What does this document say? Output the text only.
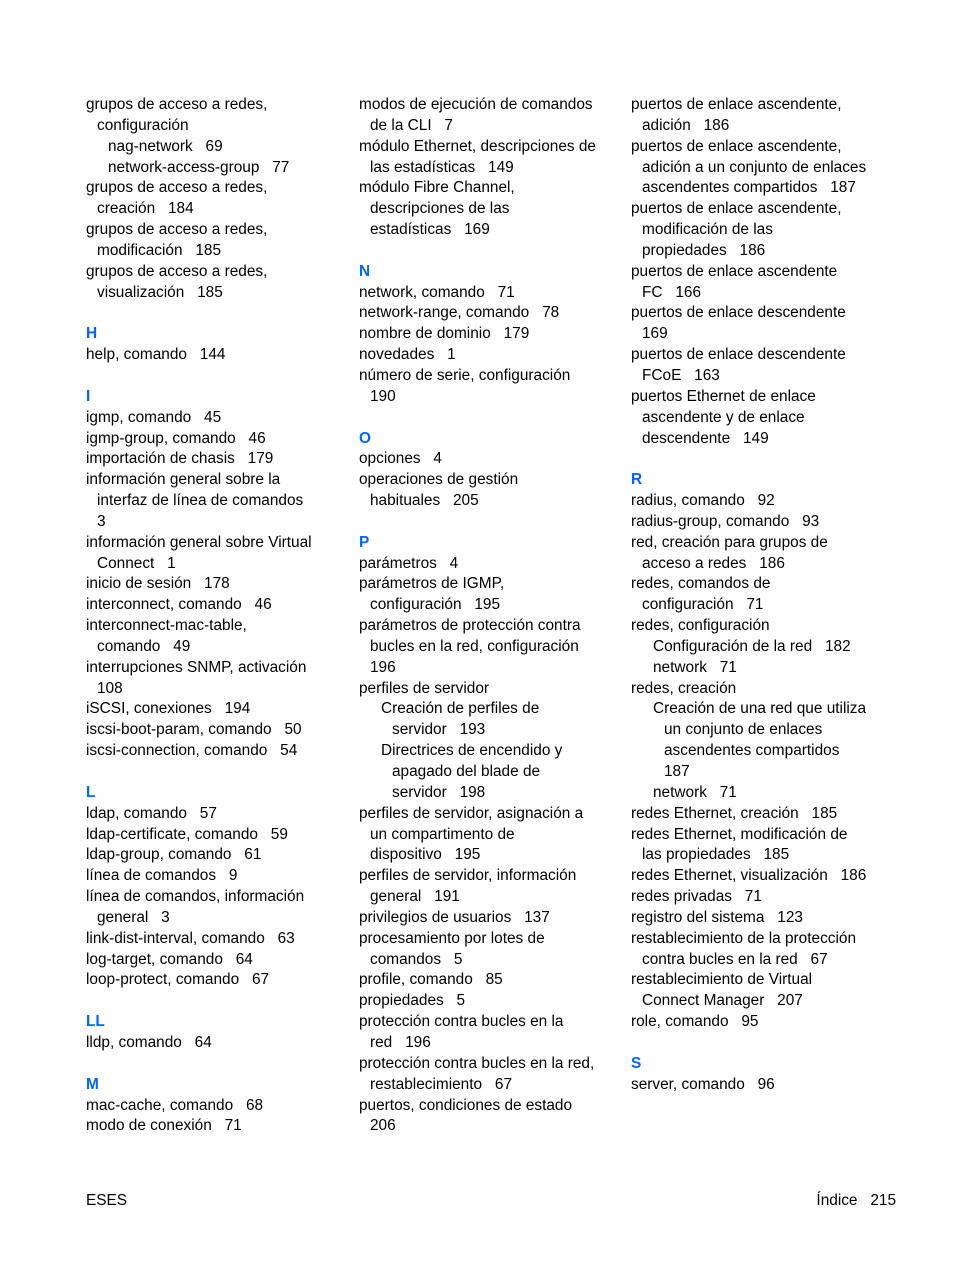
grupos de acceso a redes,
configuración
nag-network   69
network-access-group   77
grupos de acceso a redes,
creación   184
grupos de acceso a redes,
modificación   185
grupos de acceso a redes,
visualización   185
H
help, comando   144
I
igmp, comando   45
igmp-group, comando   46
importación de chasis   179
información general sobre la
interfaz de línea de comandos
3
información general sobre Virtual
Connect   1
inicio de sesión   178
interconnect, comando   46
interconnect-mac-table,
comando   49
interrupciones SNMP, activación
108
iSCSI, conexiones   194
iscsi-boot-param, comando   50
iscsi-connection, comando   54
L
ldap, comando   57
ldap-certificate, comando   59
ldap-group, comando   61
línea de comandos   9
línea de comandos, información
general   3
link-dist-interval, comando   63
log-target, comando   64
loop-protect, comando   67
LL
lldp, comando   64
M
mac-cache, comando   68
modo de conexión   71
modos de ejecución de comandos
de la CLI   7
módulo Ethernet, descripciones de
las estadísticas   149
módulo Fibre Channel,
descripciones de las
estadísticas   169
N
network, comando   71
network-range, comando   78
nombre de dominio   179
novedades   1
número de serie, configuración
190
O
opciones   4
operaciones de gestión
habituales   205
P
parámetros   4
parámetros de IGMP,
configuración   195
parámetros de protección contra
bucles en la red, configuración
196
perfiles de servidor
Creación de perfiles de
servidor   193
Directrices de encendido y
apagado del blade de
servidor   198
perfiles de servidor, asignación a
un compartimento de
dispositivo   195
perfiles de servidor, información
general   191
privilegios de usuarios   137
procesamiento por lotes de
comandos   5
profile, comando   85
propiedades   5
protección contra bucles en la
red   196
protección contra bucles en la red,
restablecimiento   67
puertos, condiciones de estado
206
puertos de enlace ascendente,
adición   186
puertos de enlace ascendente,
adición a un conjunto de enlaces
ascendentes compartidos   187
puertos de enlace ascendente,
modificación de las
propiedades   186
puertos de enlace ascendente
FC   166
puertos de enlace descendente
169
puertos de enlace descendente
FCoE   163
puertos Ethernet de enlace
ascendente y de enlace
descendente   149
R
radius, comando   92
radius-group, comando   93
red, creación para grupos de
acceso a redes   186
redes, comandos de
configuración   71
redes, configuración
Configuración de la red   182
network   71
redes, creación
Creación de una red que utiliza
un conjunto de enlaces
ascendentes compartidos
187
network   71
redes Ethernet, creación   185
redes Ethernet, modificación de
las propiedades   185
redes Ethernet, visualización   186
redes privadas   71
registro del sistema   123
restablecimiento de la protección
contra bucles en la red   67
restablecimiento de Virtual
Connect Manager   207
role, comando   95
S
server, comando   96
ESES	Índice   215
